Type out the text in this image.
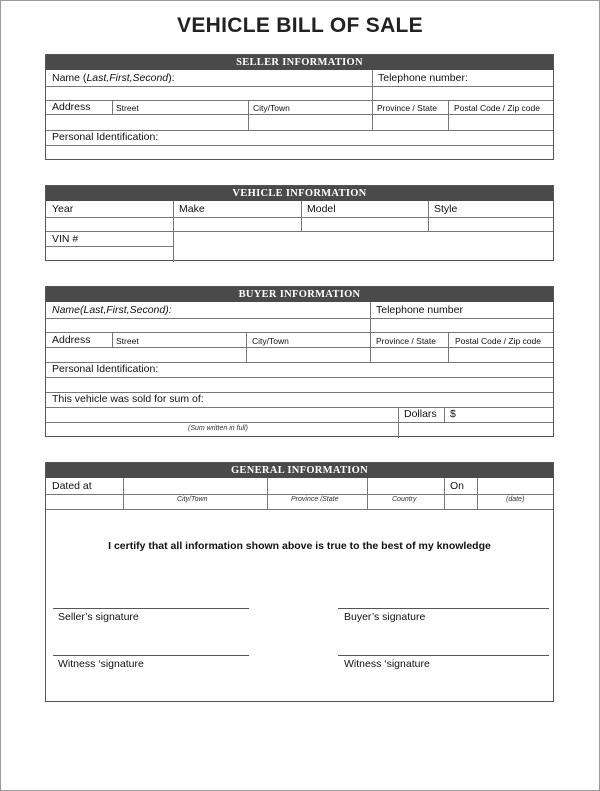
VEHICLE BILL OF SALE
SELLER INFORMATION
Name (Last,First,Second):	Telephone number:
Address	Street	City/Town	Province / State Postal Code / Zip code
Personal Identification:
VEHICLE INFORMATION
Year	Make	Model	Style
VIN #
BUYER INFORMATION
Name(Last,First,Second):	Telephone number
Address	Street	City/Town	Province / State Postal Code / Zip code
Personal Identification:
This vehicle was sold for sum of:
Dollars $
(Sum written in full)
GENERAL INFORMATION
Dated at	On
City/Town	Province /State	Country	(date)
I certify that all information shown above is true to the best of my knowledge
Seller’s signature	Buyer’s signature
Witness ‘signature	Witness ‘signature
